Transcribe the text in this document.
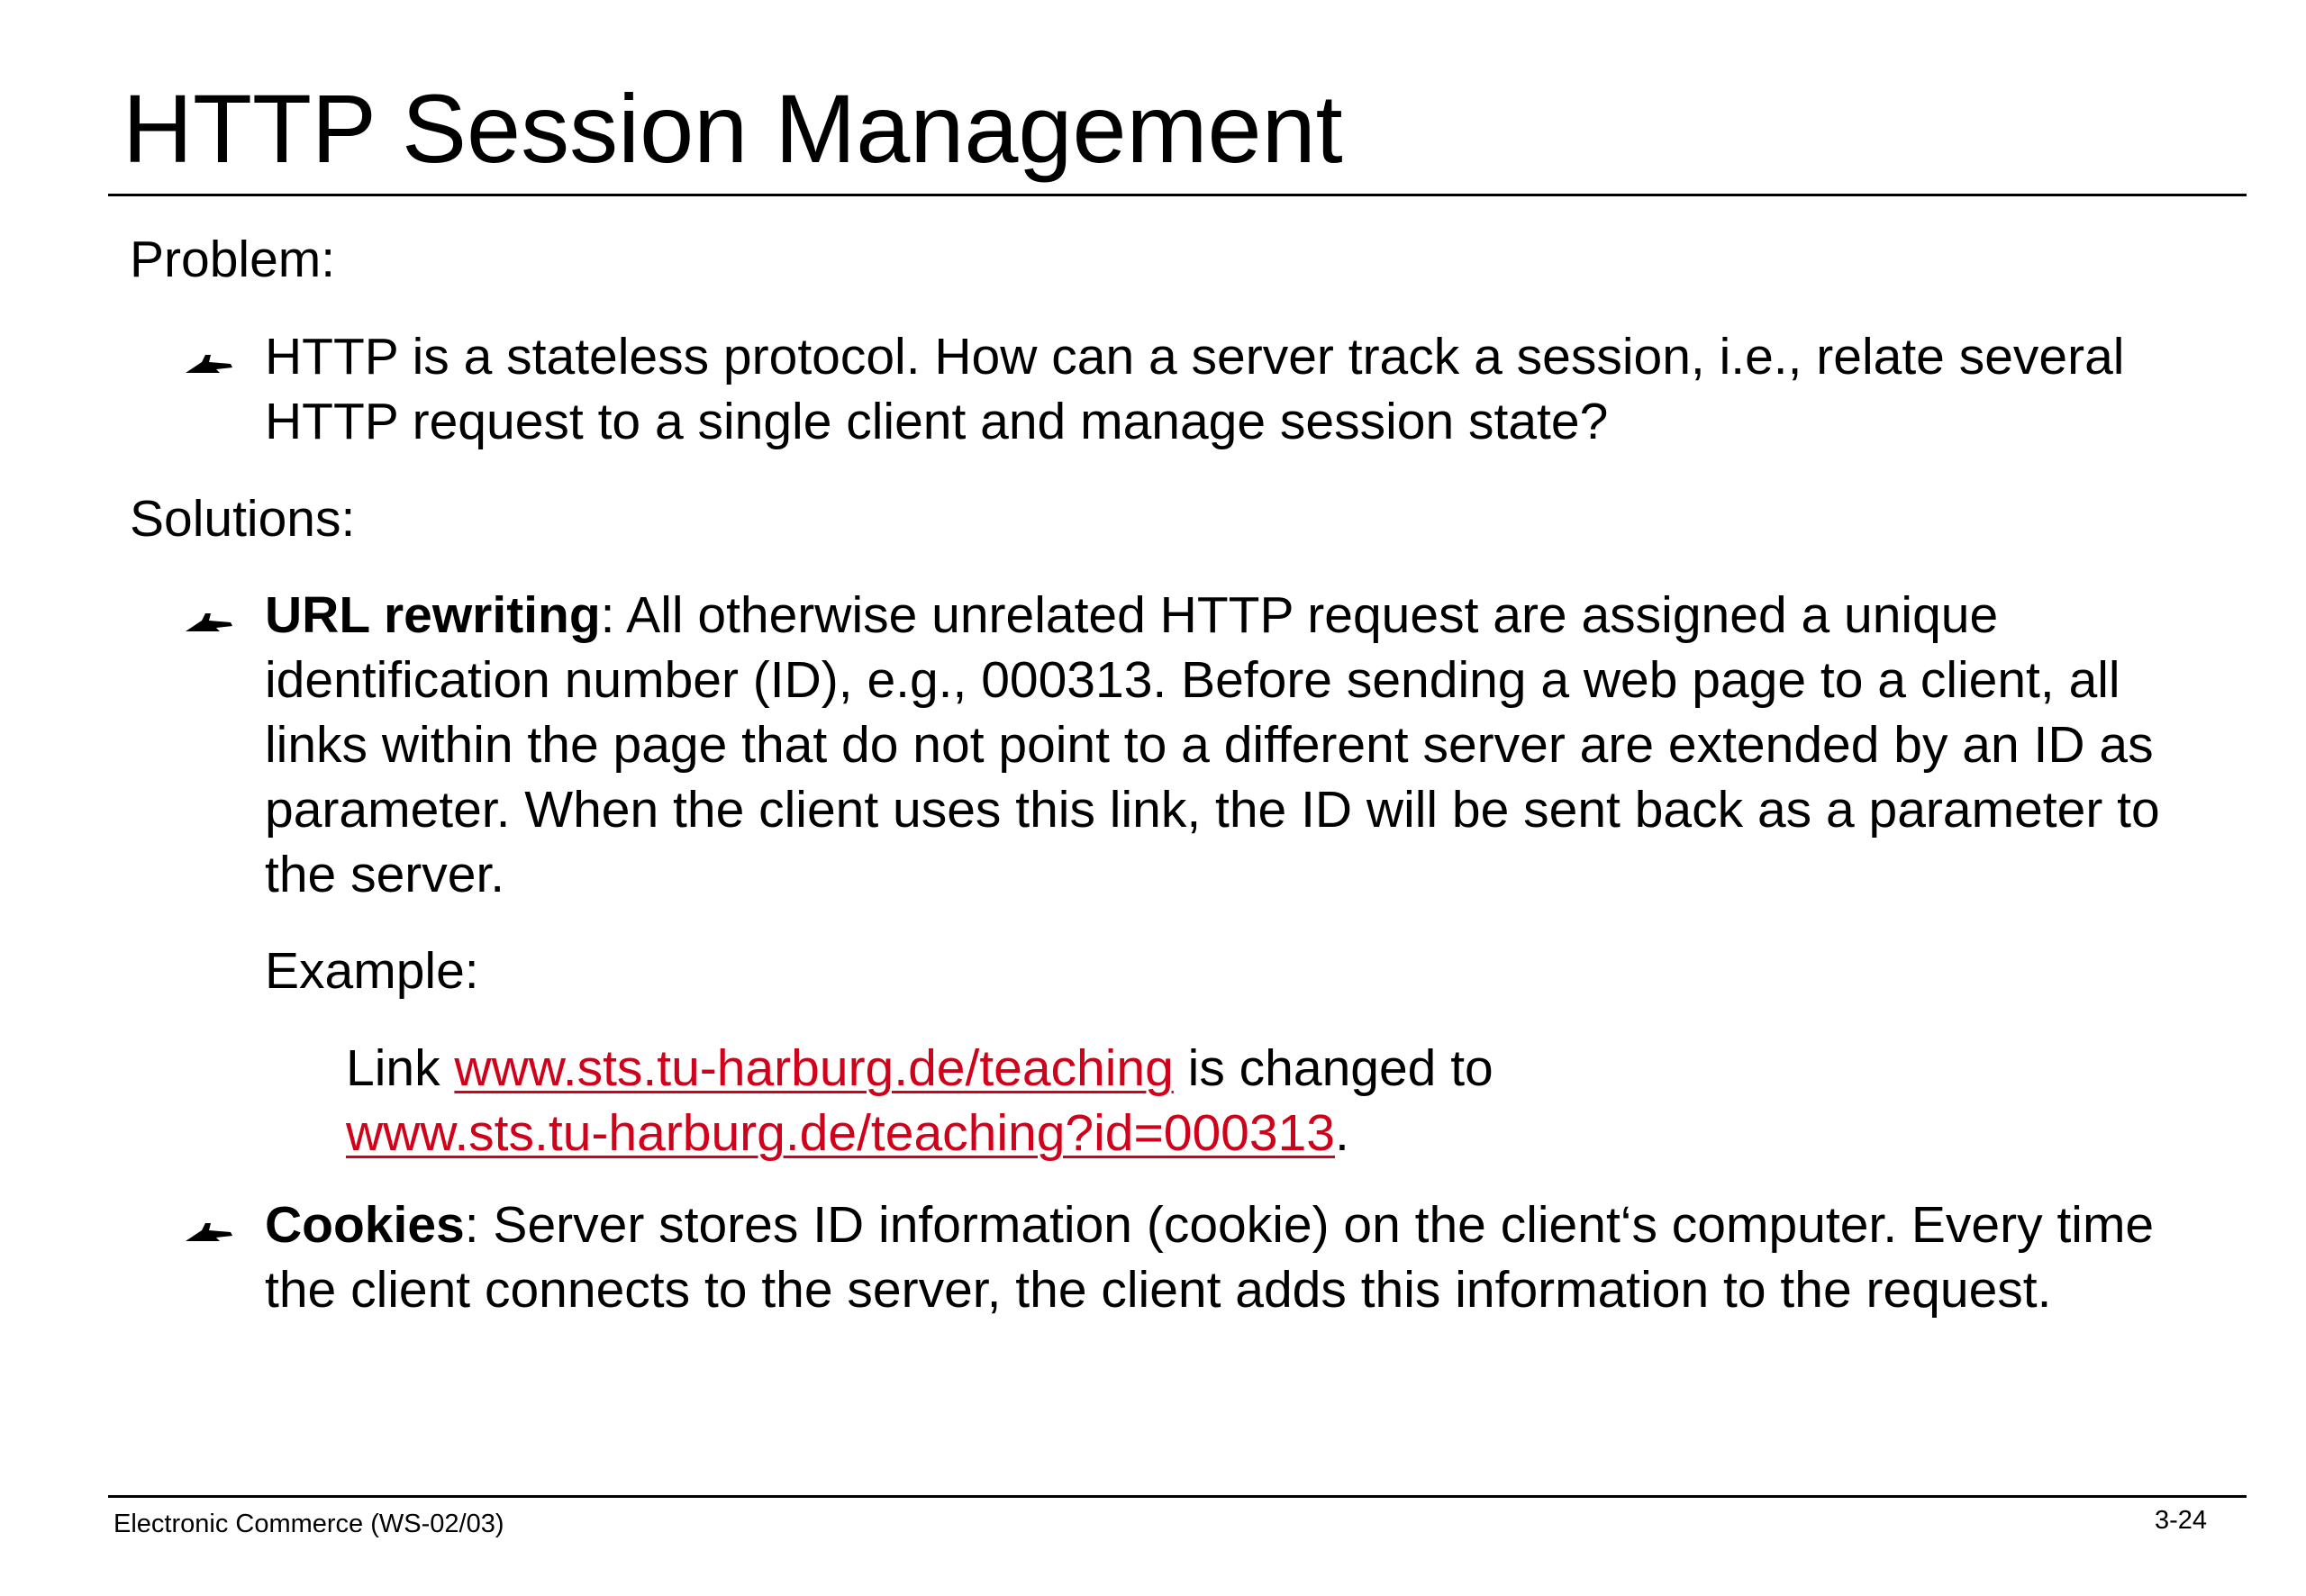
HTTP Session Management
Problem:
HTTP is a stateless protocol. How can a server track a session, i.e., relate several HTTP request to a single client and manage session state?
Solutions:
URL rewriting: All otherwise unrelated HTTP request are assigned a unique identification number (ID), e.g., 000313. Before sending a web page to a client, all links within the page that do not point to a different server are extended by an ID as parameter. When the client uses this link, the ID will be sent back as a parameter to the server.
Example:
Link www.sts.tu-harburg.de/teaching is changed to
www.sts.tu-harburg.de/teaching?id=000313.
Cookies: Server stores ID information (cookie) on the client‘s computer. Every time the client connects to the server, the client adds this information to the request.
Electronic Commerce (WS-02/03)	3-24
